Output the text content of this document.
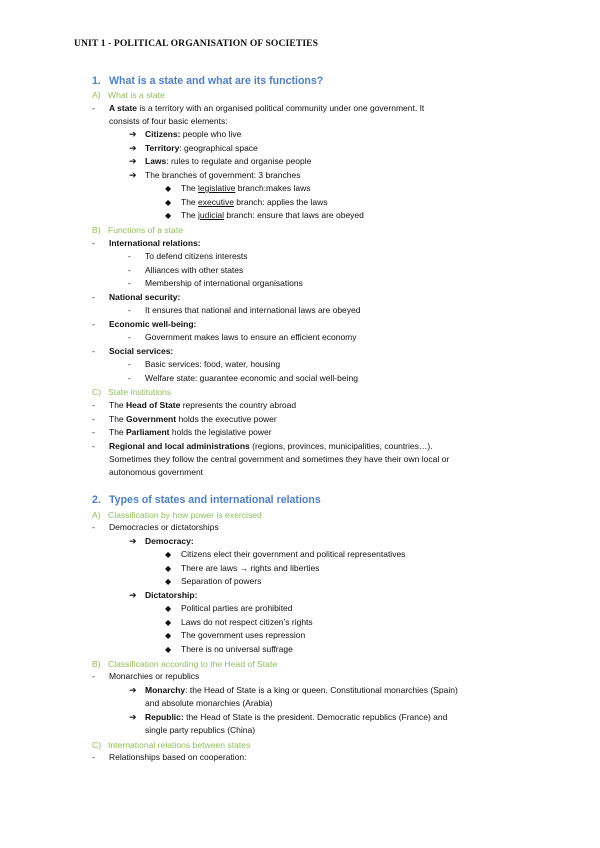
UNIT 1 - POLITICAL ORGANISATION OF SOCIETIES
1. What is a state and what are its functions?
A) What is a state
- A state is a territory with an organised political community under one government. It
consists of four basic elements:
➔ Citizens: people who live
➔ Territory: geographical space
➔ Laws: rules to regulate and organise people
➔ The branches of government: 3 branches
◆ The legislative branch:makes laws
◆ The executive branch: applies the laws
◆ The judicial branch: ensure that laws are obeyed
B) Functions of a state
- International relations:
- To defend citizens interests
- Alliances with other states
- Membership of international organisations
- National security:
- It ensures that national and international laws are obeyed
- Economic well-being:
- Government makes laws to ensure an efficient economy
- Social services:
- Basic services: food, water, housing
- Welfare state: guarantee economic and social well-being
C) State institutions
- The Head of State represents the country abroad
- The Government holds the executive power
- The Parliament holds the legislative power
- Regional and local administrations (regions, provinces, municipalities, countries…).
Sometimes they follow the central government and sometimes they have their own local or
autonomous government
2. Types of states and international relations
A) Classification by how power is exercised
- Democracies or dictatorships
➔ Democracy:
◆ Citizens elect their government and political representatives
◆ There are laws → rights and liberties
◆ Separation of powers
➔ Dictatorship:
◆ Political parties are prohibited
◆ Laws do not respect citizen’s rights
◆ The government uses repression
◆ There is no universal suffrage
B) Classification according to the Head of State
- Monarchies or republics
➔ Monarchy: the Head of State is a king or queen. Constitutional monarchies (Spain)
and absolute monarchies (Arabia)
➔ Republic: the Head of State is the president. Democratic republics (France) and
single party republics (China)
C) International relations between states
- Relationships based on cooperation:
